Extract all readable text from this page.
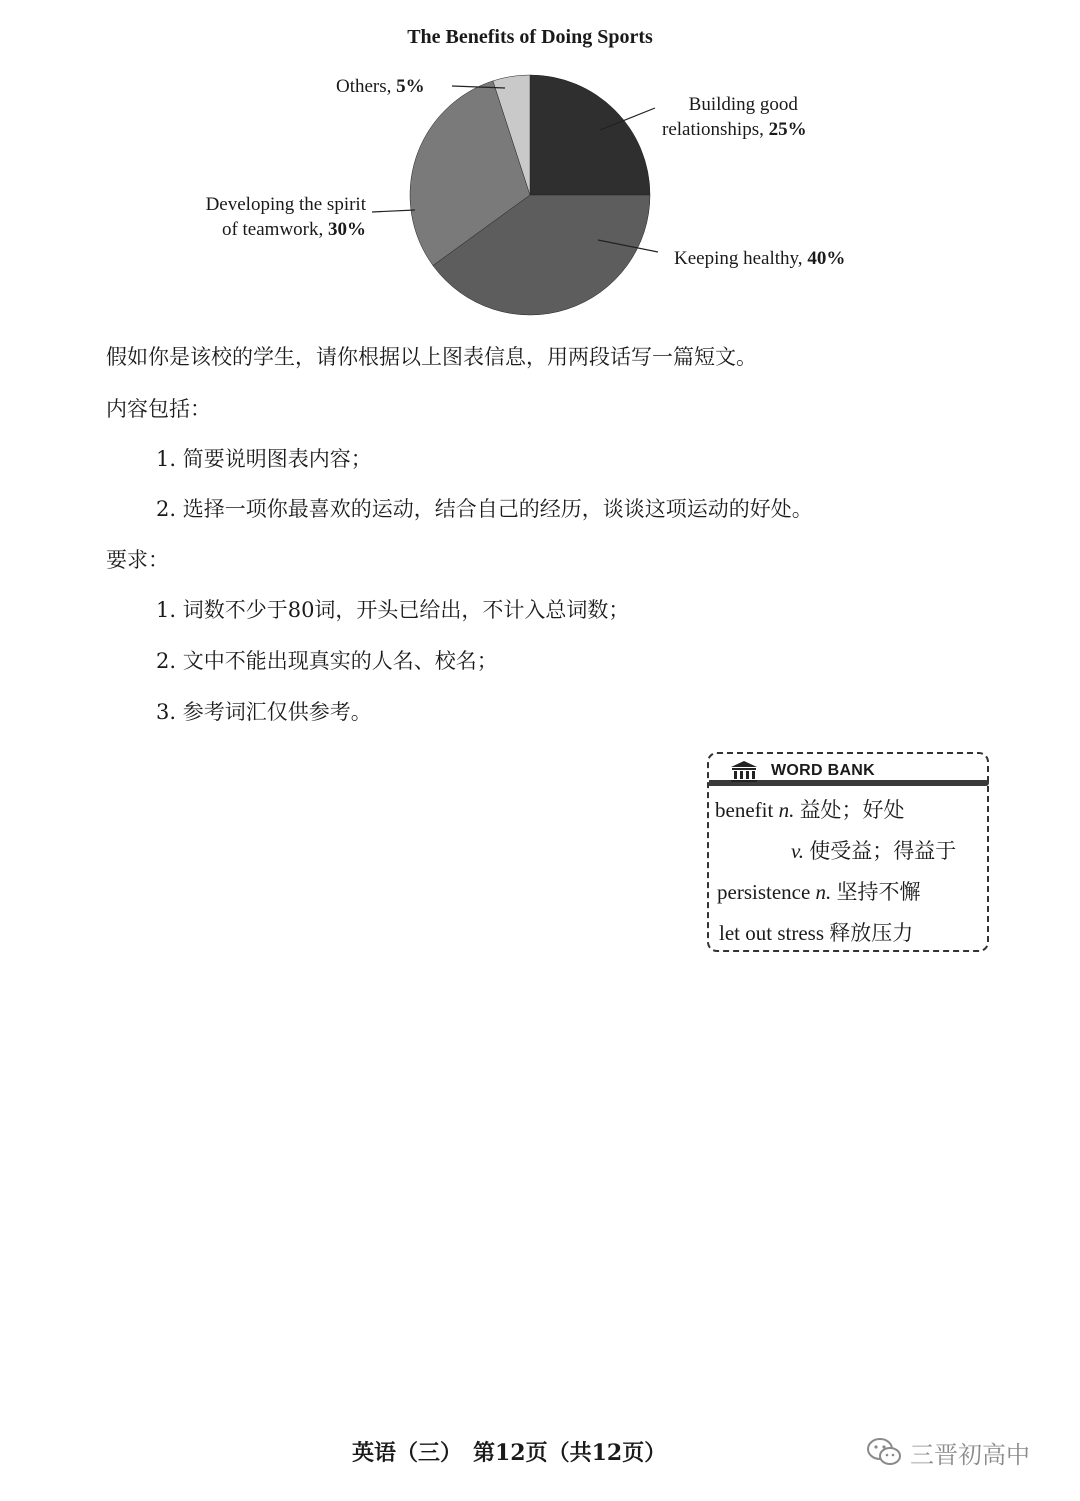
The Benefits of Doing Sports
Others, 5%
Building good
relationships, 25%
Developing the spirit
of teamwork, 30%
Keeping healthy, 40%
假如你是该校的学生，请你根据以上图表信息，用两段话写一篇短文。
内容包括：
1. 简要说明图表内容；
2. 选择一项你最喜欢的运动，结合自己的经历，谈谈这项运动的好处。
要求：
1. 词数不少于80词，开头已给出，不计入总词数；
2. 文中不能出现真实的人名、校名；
3. 参考词汇仅供参考。
WORD BANK
benefit n. 益处；好处
v. 使受益；得益于
persistence n. 坚持不懈
let out stress 释放压力
英语（三）　第12页（共12页）	三晋初高中
